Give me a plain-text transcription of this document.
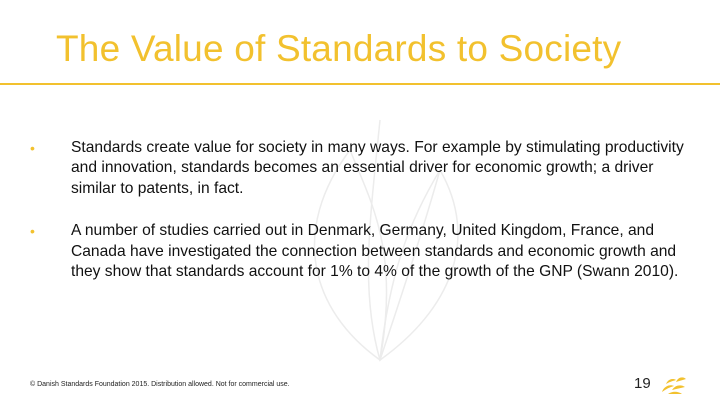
The Value of Standards to Society
• Standards create value for society in many ways. For example by stimulating productivity and innovation, standards becomes an essential driver for economic growth; a driver similar to patents, in fact.
• A number of studies carried out in Denmark, Germany, United Kingdom, France, and Canada have investigated the connection between standards and economic growth and they show that standards account for 1% to 4% of the growth of the GNP (Swann 2010).
© Danish Standards Foundation 2015. Distribution allowed. Not for commercial use.	19
